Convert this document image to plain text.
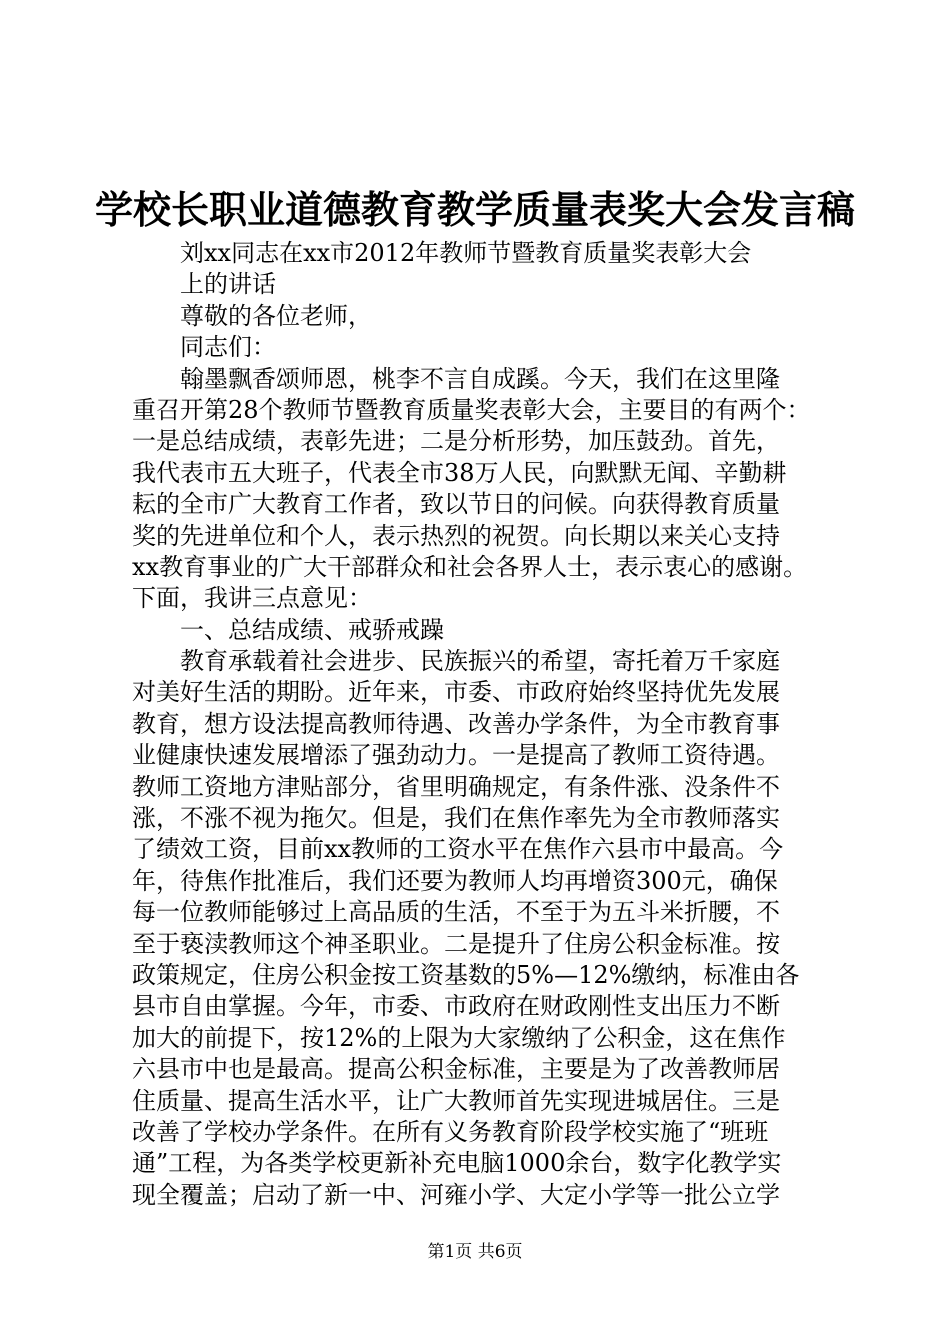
学校长职业道德教育教学质量表奖大会发言稿
刘xx同志在xx市2012年教师节暨教育质量奖表彰大会
上的讲话
尊敬的各位老师，
同志们：
翰墨飘香颂师恩，桃李不言自成蹊。今天，我们在这里隆
重召开第28个教师节暨教育质量奖表彰大会，主要目的有两个：
一是总结成绩，表彰先进；二是分析形势，加压鼓劲。首先，
我代表市五大班子，代表全市38万人民，向默默无闻、辛勤耕
耘的全市广大教育工作者，致以节日的问候。向获得教育质量
奖的先进单位和个人，表示热烈的祝贺。向长期以来关心支持
xx教育事业的广大干部群众和社会各界人士，表示衷心的感谢。
下面，我讲三点意见：
一、总结成绩、戒骄戒躁
教育承载着社会进步、民族振兴的希望，寄托着万千家庭
对美好生活的期盼。近年来，市委、市政府始终坚持优先发展
教育，想方设法提高教师待遇、改善办学条件，为全市教育事
业健康快速发展增添了强劲动力。一是提高了教师工资待遇。
教师工资地方津贴部分，省里明确规定，有条件涨、没条件不
涨，不涨不视为拖欠。但是，我们在焦作率先为全市教师落实
了绩效工资，目前xx教师的工资水平在焦作六县市中最高。今
年，待焦作批准后，我们还要为教师人均再增资300元，确保
每一位教师能够过上高品质的生活，不至于为五斗米折腰，不
至于亵渎教师这个神圣职业。二是提升了住房公积金标准。按
政策规定，住房公积金按工资基数的5%—12%缴纳，标准由各
县市自由掌握。今年，市委、市政府在财政刚性支出压力不断
加大的前提下，按12%的上限为大家缴纳了公积金，这在焦作
六县市中也是最高。提高公积金标准，主要是为了改善教师居
住质量、提高生活水平，让广大教师首先实现进城居住。三是
改善了学校办学条件。在所有义务教育阶段学校实施了“班班
通”工程，为各类学校更新补充电脑1000余台，数字化教学实
现全覆盖；启动了新一中、河雍小学、大定小学等一批公立学
第1页 共6页
